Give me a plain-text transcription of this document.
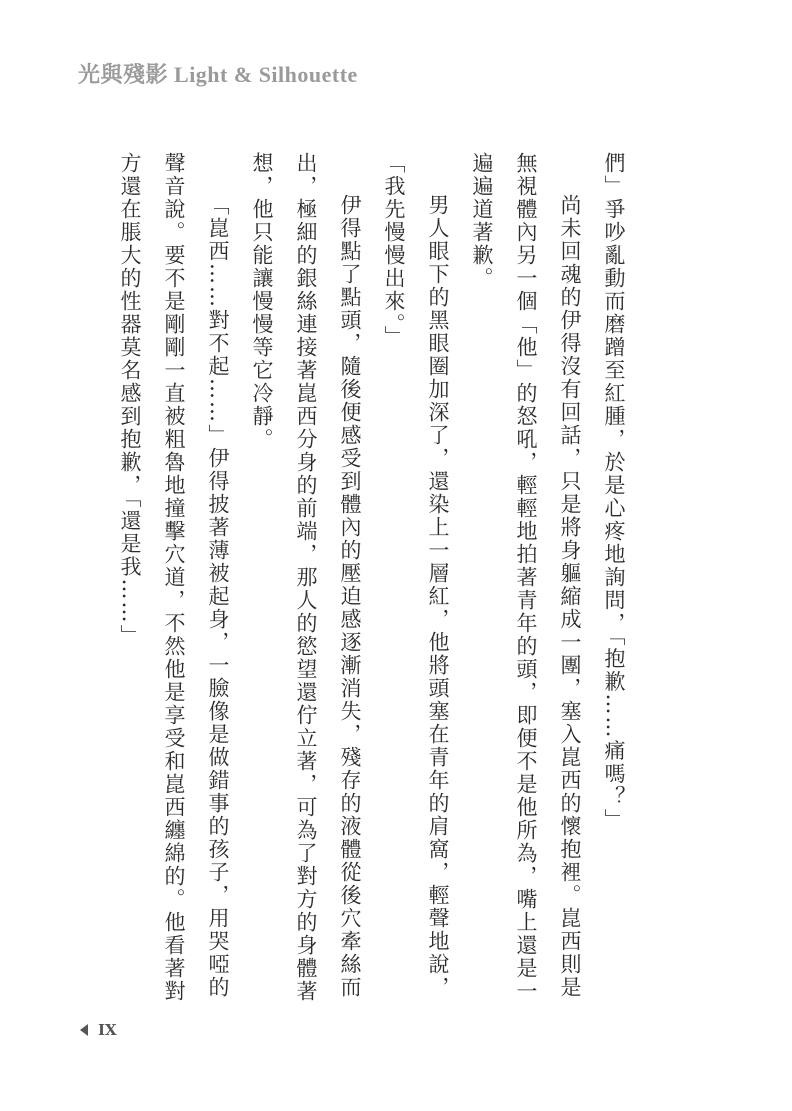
光與殘影 Light & Silhouette

們」爭吵亂動而磨蹭至紅腫，於是心疼地詢問，「抱歉……痛嗎？」

尚未回魂的伊得沒有回話，只是將身軀縮成一團，塞入崑西的懷抱裡。崑西則是無視體內另一個「他」的怒吼，輕輕地拍著青年的頭，即便不是他所為，嘴上還是一遍遍道著歉。

男人眼下的黑眼圈加深了，還染上一層紅，他將頭塞在青年的肩窩，輕聲地說，「我先慢慢出來。」

伊得點了點頭，隨後便感受到體內的壓迫感逐漸消失，殘存的液體從後穴牽絲而出，極細的銀絲連接著崑西分身的前端，那人的慾望還佇立著，可為了對方的身體著想，他只能讓慢慢等它冷靜。

「崑西……對不起……」伊得披著薄被起身，一臉像是做錯事的孩子，用哭啞的聲音說。要不是剛剛一直被粗魯地撞擊穴道，不然他是享受和崑西纏綿的。他看著對方還在脹大的性器莫名感到抱歉，「還是我……」

IX
